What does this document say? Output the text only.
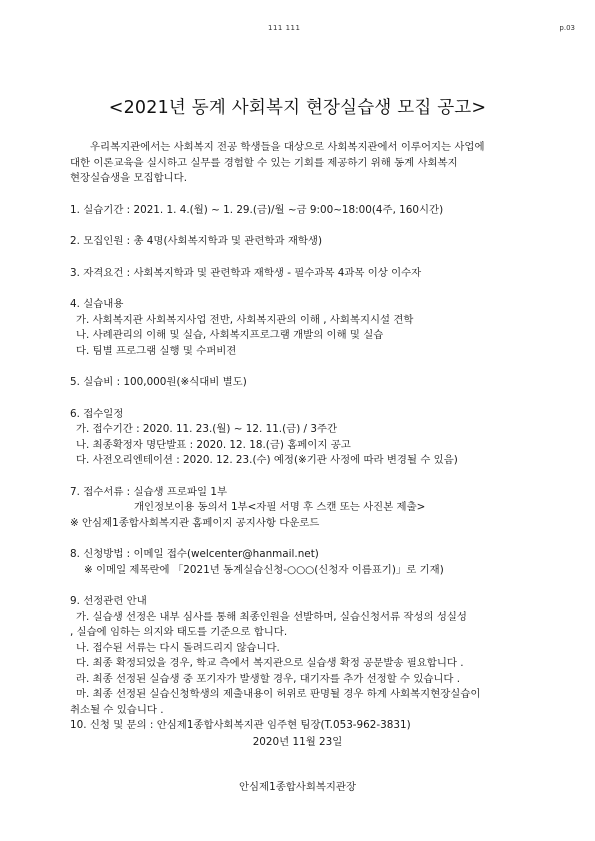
111 111	p.03
<2021년 동계 사회복지 현장실습생 모집 공고>
우리복지관에서는 사회복지 전공 학생들을 대상으로 사회복지관에서 이루어지는 사업에
대한 이론교육을 실시하고 실무를 경험할 수 있는 기회를 제공하기 위해 동계 사회복지
현장실습생을 모집합니다.
1. 실습기간 : 2021. 1. 4.(월) ~ 1. 29.(금)/월 ~금 9:00~18:00(4주, 160시간)
2. 모집인원 : 총 4명(사회복지학과 및 관련학과 재학생)
3. 자격요건 : 사회복지학과 및 관련학과 재학생 - 필수과목 4과목 이상 이수자
4. 실습내용
가. 사회복지관 사회복지사업 전반, 사회복지관의 이해 , 사회복지시설 견학
나. 사례관리의 이해 및 실습, 사회복지프로그램 개발의 이해 및 실습
다. 팀별 프로그램 실행 및 수퍼비젼
5. 실습비 : 100,000원(※식대비 별도)
6. 접수일정
가. 접수기간 : 2020. 11. 23.(월) ~ 12. 11.(금) / 3주간
나. 최종확정자 명단발표 : 2020. 12. 18.(금) 홈페이지 공고
다. 사전오리엔테이션 : 2020. 12. 23.(수) 예정(※기관 사정에 따라 변경될 수 있음)
7. 접수서류 : 실습생 프로파일 1부
개인정보이용 동의서 1부<자필 서명 후 스캔 또는 사진본 제출>
※ 안심제1종합사회복지관 홈페이지 공지사항 다운로드
8. 신청방법 : 이메일 접수(welcenter@hanmail.net)
※ 이메일 제목란에 「2021년 동계실습신청-○○○(신청자 이름표기)」로 기재)
9. 선정관련 안내
가. 실습생 선정은 내부 심사를 통해 최종인원을 선발하며, 실습신청서류 작성의 성실성
, 실습에 임하는 의지와 태도를 기준으로 합니다.
나. 접수된 서류는 다시 돌려드리지 않습니다.
다. 최종 확정되었을 경우, 학교 측에서 복지관으로 실습생 확정 공문발송 필요합니다 .
라. 최종 선정된 실습생 중 포기자가 발생할 경우, 대기자를 추가 선정할 수 있습니다 .
마. 최종 선정된 실습신청학생의 제출내용이 허위로 판명될 경우 하계 사회복지현장실습이
취소될 수 있습니다 .
10. 신청 및 문의 : 안심제1종합사회복지관 임주현 팀장(T.053-962-3831)
2020년 11월 23일
안심제1종합사회복지관장
